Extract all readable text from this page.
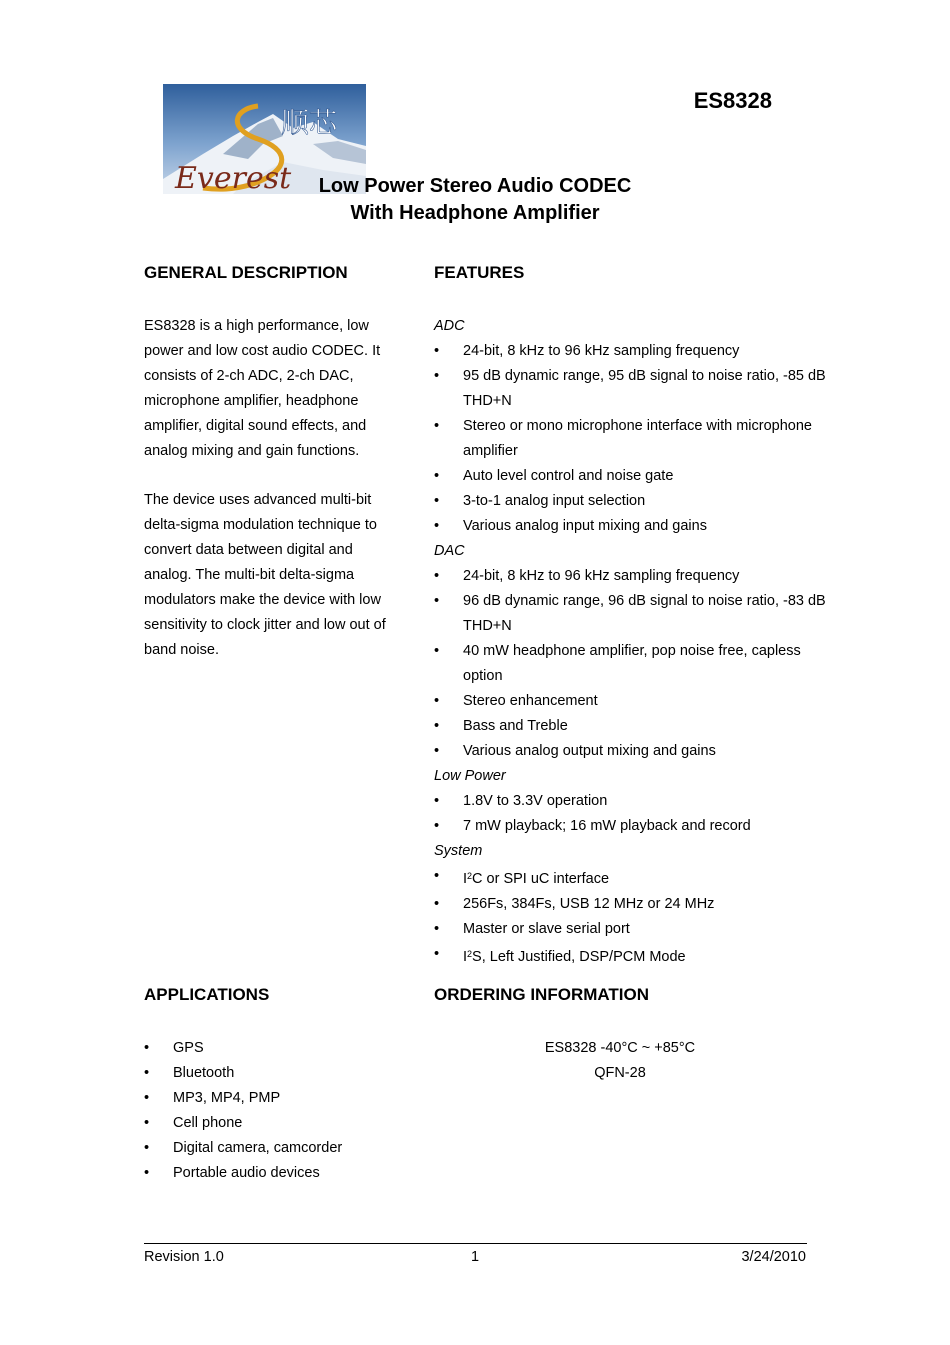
顺芯
Everest
ES8328
Low Power Stereo Audio CODEC
With Headphone Amplifier
GENERAL DESCRIPTION

ES8328 is a high performance, low power and low cost audio CODEC. It consists of 2-ch ADC, 2-ch DAC, microphone amplifier, headphone amplifier, digital sound effects, and analog mixing and gain functions.

The device uses advanced multi-bit delta-sigma modulation technique to convert data between digital and analog. The multi-bit delta-sigma modulators make the device with low sensitivity to clock jitter and low out of band noise.

FEATURES
ADC
• 24-bit, 8 kHz to 96 kHz sampling frequency
• 95 dB dynamic range, 95 dB signal to noise ratio, -85 dB THD+N
• Stereo or mono microphone interface with microphone amplifier
• Auto level control and noise gate
• 3-to-1 analog input selection
• Various analog input mixing and gains
DAC
• 24-bit, 8 kHz to 96 kHz sampling frequency
• 96 dB dynamic range, 96 dB signal to noise ratio, -83 dB THD+N
• 40 mW headphone amplifier, pop noise free, capless option
• Stereo enhancement
• Bass and Treble
• Various analog output mixing and gains
Low Power
• 1.8V to 3.3V operation
• 7 mW playback; 16 mW playback and record
System
• $I^2C$ or SPI uC interface
• 256Fs, 384Fs, USB 12 MHz or 24 MHz
• Master or slave serial port
• $I^2S$, Left Justified, DSP/PCM Mode
APPLICATIONS
• GPS
• Bluetooth
• MP3, MP4, PMP
• Cell phone
• Digital camera, camcorder
• Portable audio devices
ORDERING INFORMATION
ES8328 -40°C ~ +85°C
QFN-28
Revision 1.0	1	3/24/2010
